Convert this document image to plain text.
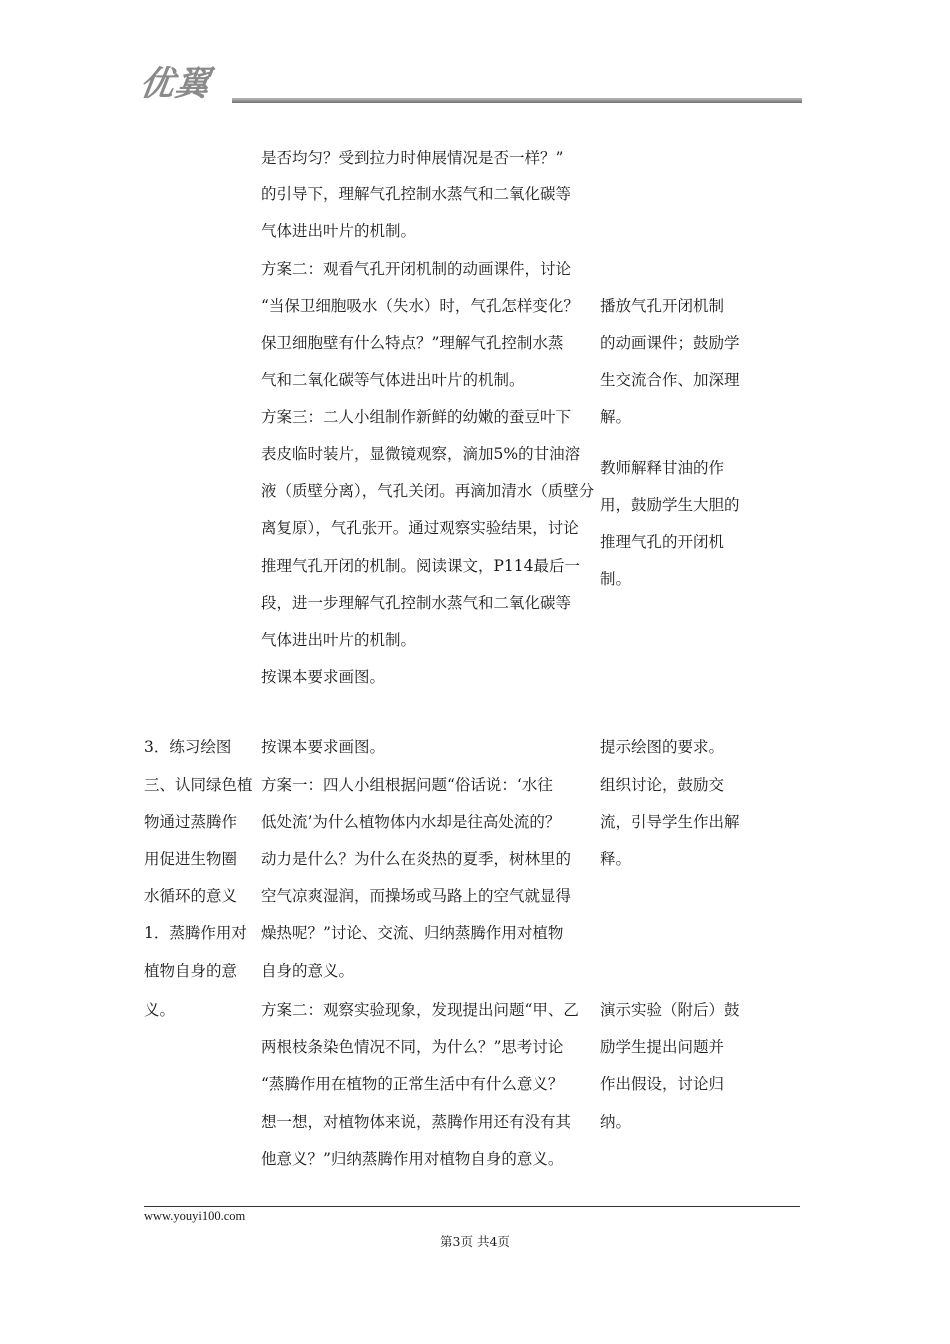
优翼
是否均匀？受到拉力时伸展情况是否一样？”
的引导下，理解气孔控制水蒸气和二氧化碳等
气体进出叶片的机制。
方案二：观看气孔开闭机制的动画课件，讨论
“当保卫细胞吸水（失水）时，气孔怎样变化？
保卫细胞壁有什么特点？”理解气孔控制水蒸
气和二氧化碳等气体进出叶片的机制。
方案三：二人小组制作新鲜的幼嫩的蚕豆叶下
表皮临时装片，显微镜观察，滴加5%的甘油溶
液（质壁分离），气孔关闭。再滴加清水（质壁分
离复原），气孔张开。通过观察实验结果，讨论
推理气孔开闭的机制。阅读课文，P114最后一
段，进一步理解气孔控制水蒸气和二氧化碳等
气体进出叶片的机制。
按课本要求画图。
按课本要求画图。
方案一：四人小组根据问题“俗话说：‘水往
低处流’为什么植物体内水却是往高处流的？
动力是什么？为什么在炎热的夏季，树林里的
空气凉爽湿润，而操场或马路上的空气就显得
燥热呢？”讨论、交流、归纳蒸腾作用对植物
自身的意义。
方案二：观察实验现象，发现提出问题“甲、乙
两根枝条染色情况不同，为什么？”思考讨论
“蒸腾作用在植物的正常生活中有什么意义？
想一想，对植物体来说，蒸腾作用还有没有其
他意义？”归纳蒸腾作用对植物自身的意义。
3．练习绘图
三、认同绿色植
物通过蒸腾作
用促进生物圈
水循环的意义
1．蒸腾作用对
植物自身的意
义。
播放气孔开闭机制
的动画课件；鼓励学
生交流合作、加深理
解。
教师解释甘油的作
用，鼓励学生大胆的
推理气孔的开闭机
制。
提示绘图的要求。
组织讨论，鼓励交
流，引导学生作出解
释。
演示实验（附后）鼓
励学生提出问题并
作出假设，讨论归
纳。
www.youyi100.com
第3页 共4页
